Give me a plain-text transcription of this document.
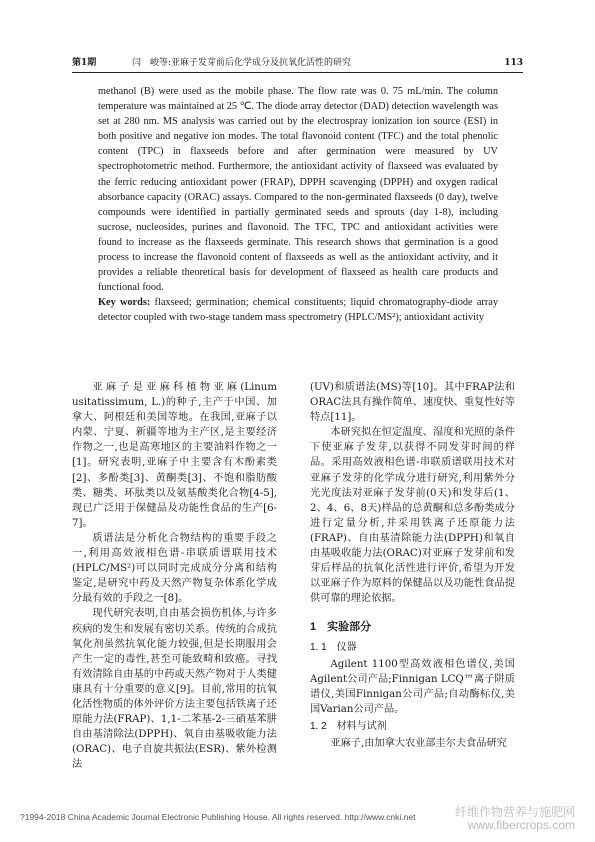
第1期	闫　峻等:亚麻子发芽前后化学成分及抗氧化活性的研究	113

methanol (B) were used as the mobile phase. The flow rate was 0. 75 mL/min. The column temperature was maintained at 25 ℃. The diode array detector (DAD) detection wavelength was set at 280 nm. MS analysis was carried out by the electrospray ionization ion source (ESI) in both positive and negative ion modes. The total flavonoid content (TFC) and the total phenolic content (TPC) in flaxseeds before and after germination were measured by UV spectrophotometric method. Furthermore, the antioxidant activity of flaxseed was evaluated by the ferric reducing antioxidant power (FRAP), DPPH scavenging (DPPH) and oxygen radical absorbance capacity (ORAC) assays. Compared to the non-germinated flaxseeds (0 day), twelve compounds were identified in partially germinated seeds and sprouts (day 1-8), including sucrose, nucleosides, purines and flavonoid. The TFC, TPC and antioxidant activities were found to increase as the flaxseeds germinate. This research shows that germination is a good process to increase the flavonoid content of flaxseeds as well as the antioxidant activity, and it provides a reliable theoretical basis for development of flaxseed as health care products and functional food.

Key words: flaxseed; germination; chemical constituents; liquid chromatography-diode array detector coupled with two-stage tandem mass spectrometry (HPLC/MS²); antioxidant activity

亚麻子是亚麻科植物亚麻(Linum usitatissimum, L.)的种子,主产于中国、加拿大、阿根廷和美国等地。在我国,亚麻子以内蒙、宁夏、新疆等地为主产区,是主要经济作物之一,也是高寒地区的主要油料作物之一[1]。研究表明,亚麻子中主要含有木酚素类[2]、多酚类[3]、黄酮类[3]、不饱和脂肪酸类、糖类、环肽类以及氨基酸类化合物[4-5],现已广泛用于保健品及功能性食品的生产[6-7]。

质谱法是分析化合物结构的重要手段之一,利用高效液相色谱-串联质谱联用技术(HPLC/MS²)可以同时完成成分分离和结构鉴定,是研究中药及天然产物复杂体系化学成分最有效的手段之一[8]。

现代研究表明,自由基会损伤机体,与许多疾病的发生和发展有密切关系。传统的合成抗氧化剂虽然抗氧化能力较强,但是长期服用会产生一定的毒性,甚至可能致畸和致癌。寻找有效清除自由基的中药或天然产物对于人类健康具有十分重要的意义[9]。目前,常用的抗氧化活性物质的体外评价方法主要包括铁离子还原能力法(FRAP)、1,1-二苯基-2-三硝基苯肼自由基清除法(DPPH)、氧自由基吸收能力法(ORAC)、电子自旋共振法(ESR)、紫外检测法

(UV)和质谱法(MS)等[10]。其中FRAP法和ORAC法具有操作简单、速度快、重复性好等特点[11]。

本研究拟在恒定温度、湿度和光照的条件下使亚麻子发芽,以获得不同发芽时间的样品。采用高效液相色谱-串联质谱联用技术对亚麻子发芽的化学成分进行研究,利用紫外分光光度法对亚麻子发芽前(0天)和发芽后(1、2、4、6、8天)样品的总黄酮和总多酚类成分进行定量分析,并采用铁离子还原能力法(FRAP)、自由基清除能力法(DPPH)和氧自由基吸收能力法(ORAC)对亚麻子发芽前和发芽后样品的抗氧化活性进行评价,希望为开发以亚麻子作为原料的保健品以及功能性食品提供可靠的理论依据。

1　实验部分
1. 1　仪器

Agilent 1100型高效液相色谱仪,美国Agilent公司产品;Finnigan LCQ™离子阱质谱仪,美国Finnigan公司产品;自动酶标仪,美国Varian公司产品。

1. 2　材料与试剂

亚麻子,由加拿大农业部圭尔夫食品研究

?1994-2018 China Academic Journal Electronic Publishing House. All rights reserved. http://www.cnki.net	纤维作物营养与施肥网
www.fibercrops.com
